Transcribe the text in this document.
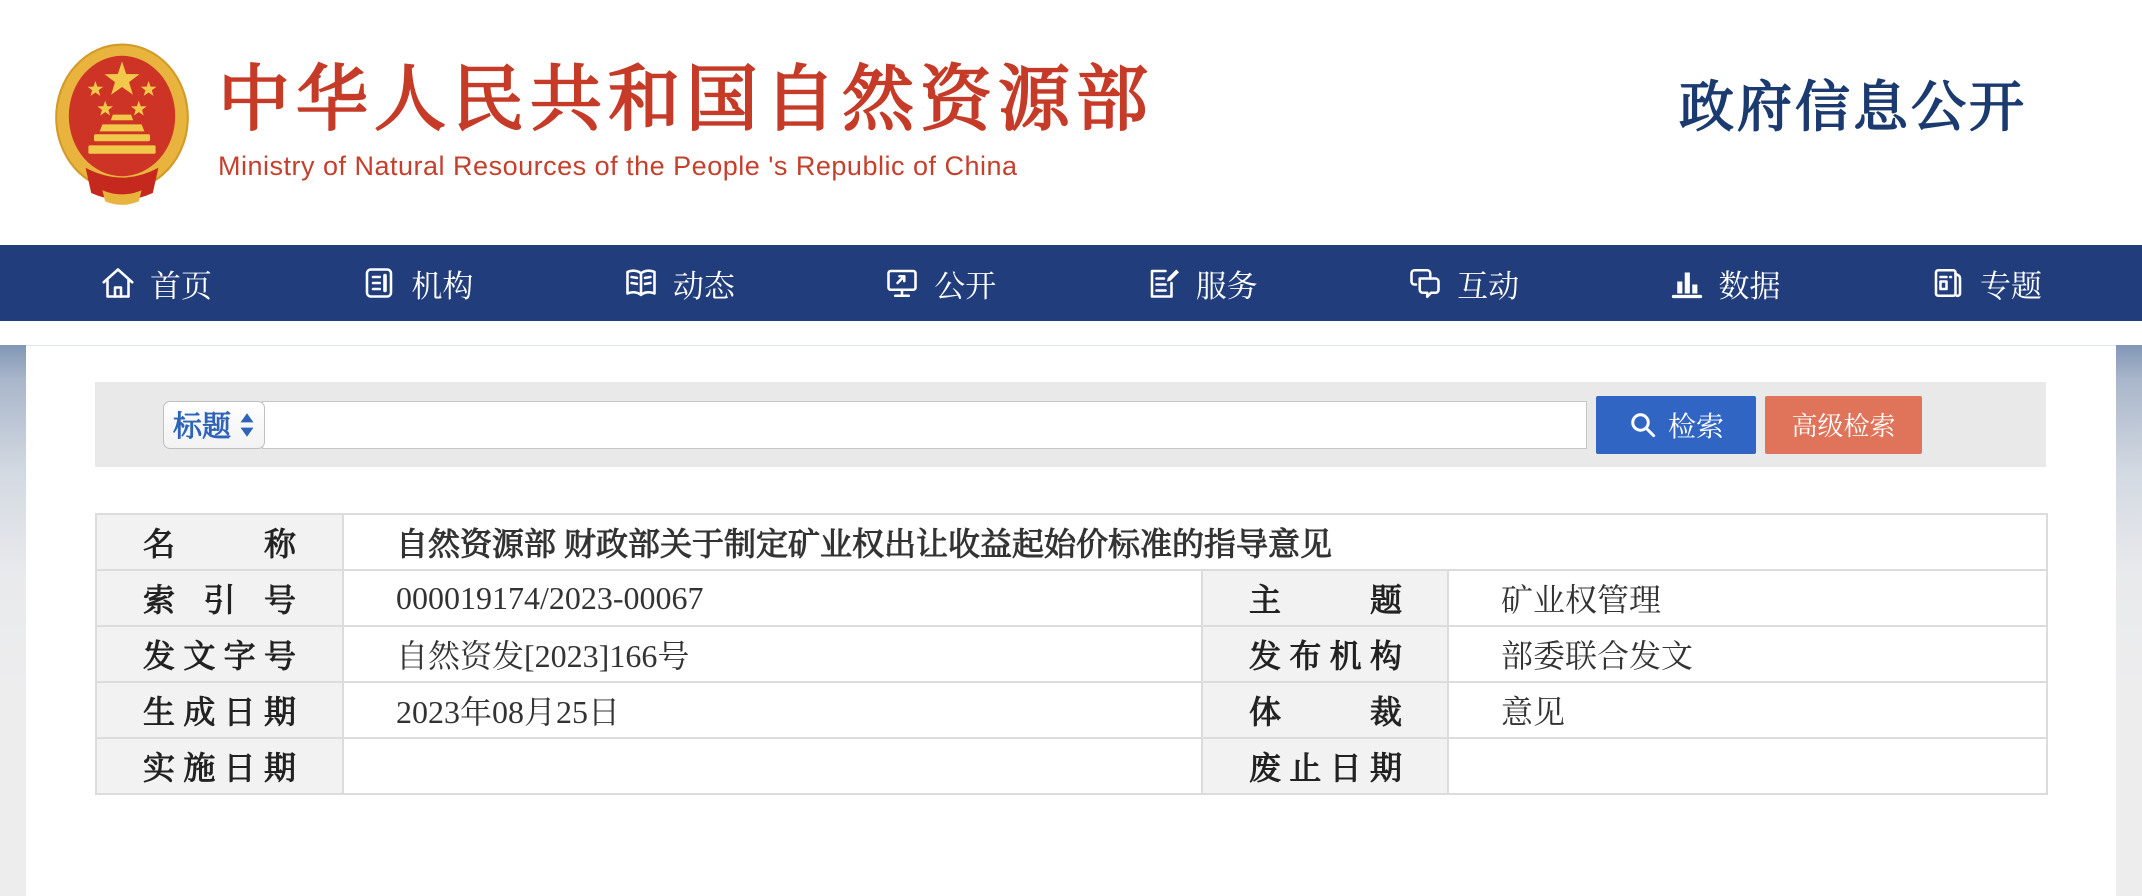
中华人民共和国自然资源部
Ministry of Natural Resources of the People 's Republic of China
政府信息公开
首页	机构	动态	公开	服务	互动	数据	专题
标题	检索	高级检索
名称	自然资源部 财政部关于制定矿业权出让收益起始价标准的指导意见		
索引号	000019174/2023-00067	主题	矿业权管理
发文字号	自然资发[2023]166号	发布机构	部委联合发文
生成日期	2023年08月25日	体裁	意见
实施日期		废止日期	
